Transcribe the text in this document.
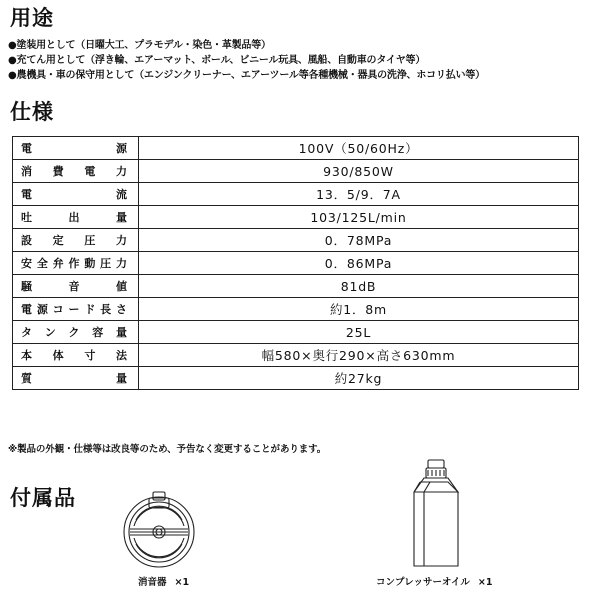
用途
●塗装用として（日曜大工、プラモデル・染色・革製品等）
●充てん用として（浮き輪、エアーマット、ボール、ビニール玩具、風船、自動車のタイヤ等）
●農機具・車の保守用として（エンジンクリーナー、エアーツール等各種機械・器具の洗浄、ホコリ払い等）
仕様
電源	100V（50/60Hz）

消費電力	930/850W

電流	13．5/9．7A

吐出量	103/125L/min

設定圧力	0．78MPa

安全弁作動圧力	0．86MPa

騒音値	81dB

電源コード長さ	約1．8m

タンク容量	25L

本体寸法	幅580×奥行290×高さ630mm

質量	約27kg

※製品の外観・仕様等は改良等のため、予告なく変更することがあります。

付属品
消音器 ×1	コンプレッサーオイル ×1
